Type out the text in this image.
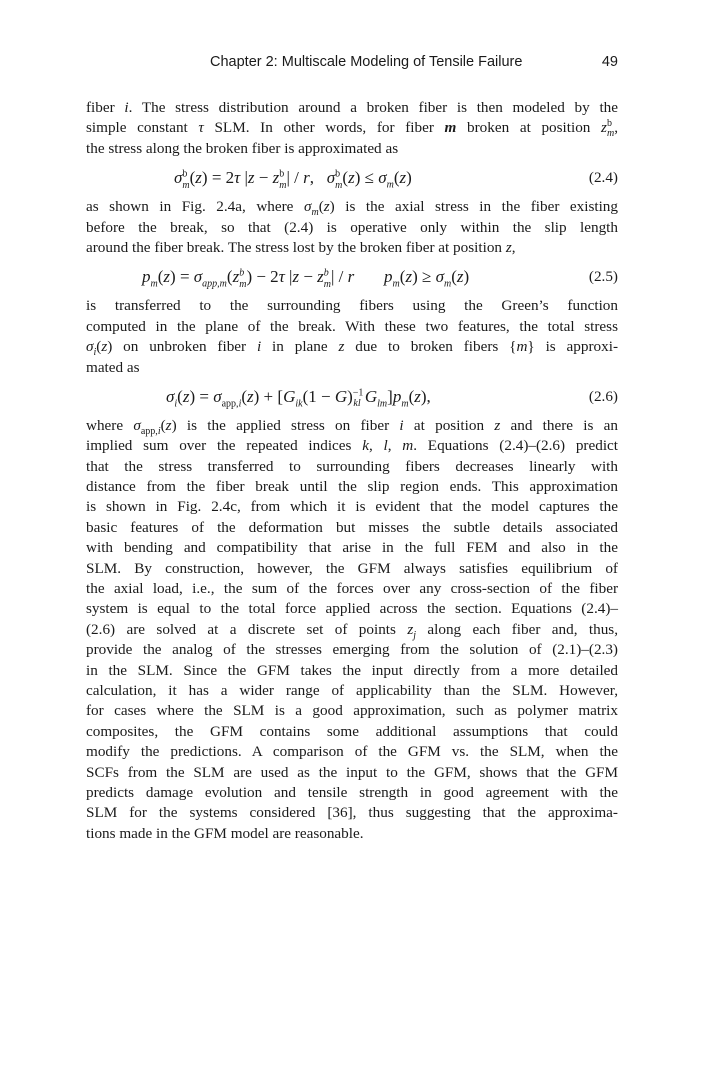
Chapter 2: Multiscale Modeling of Tensile Failure	49
fiber i. The stress distribution around a broken fiber is then modeled by the
simple constant τ SLM. In other words, for fiber m broken at position $z^b_m$,
the stress along the broken fiber is approximated as
$\sigma^b_m(z) = 2\tau$ $|z - z^b_m| / r$,   $\sigma^b_m(z) \le \sigma_m(z)$	(2.4)
as shown in Fig. 2.4a, where $\sigma_m(z)$ is the axial stress in the fiber existing
before the break, so that (2.4) is operative only within the slip length
around the fiber break. The stress lost by the broken fiber at position z,
$p_m(z) = \sigma_{app,m}(z^b_m) - 2\tau$ $|z - z^b_m| / r$ $p_m(z) \ge \sigma_m(z)$	(2.5)
is transferred to the surrounding fibers using the Green’s function
computed in the plane of the break. With these two features, the total stress
$\sigma_i(z)$ on unbroken fiber i in plane z due to broken fibers {m} is approxi-
mated as
$\sigma_i(z) = \sigma_{app,i}(z) + [G_{ik}(1 - G)^{-1}_{kl}$ $G_{lm}]p_m(z)$,	(2.6)
where $\sigma_{app,i}(z)$ is the applied stress on fiber i at position z and there is an
implied sum over the repeated indices k, l, m. Equations (2.4)–(2.6) predict
that the stress transferred to surrounding fibers decreases linearly with
distance from the fiber break until the slip region ends. This approximation
is shown in Fig. 2.4c, from which it is evident that the model captures the
basic features of the deformation but misses the subtle details associated
with bending and compatibility that arise in the full FEM and also in the
SLM. By construction, however, the GFM always satisfies equilibrium of
the axial load, i.e., the sum of the forces over any cross-section of the fiber
system is equal to the total force applied across the section. Equations (2.4)–
(2.6) are solved at a discrete set of points $z_j$ along each fiber and, thus,
provide the analog of the stresses emerging from the solution of (2.1)–(2.3)
in the SLM. Since the GFM takes the input directly from a more detailed
calculation, it has a wider range of applicability than the SLM. However,
for cases where the SLM is a good approximation, such as polymer matrix
composites, the GFM contains some additional assumptions that could
modify the predictions. A comparison of the GFM vs. the SLM, when the
SCFs from the SLM are used as the input to the GFM, shows that the GFM
predicts damage evolution and tensile strength in good agreement with the
SLM for the systems considered [36], thus suggesting that the approxima-
tions made in the GFM model are reasonable.
